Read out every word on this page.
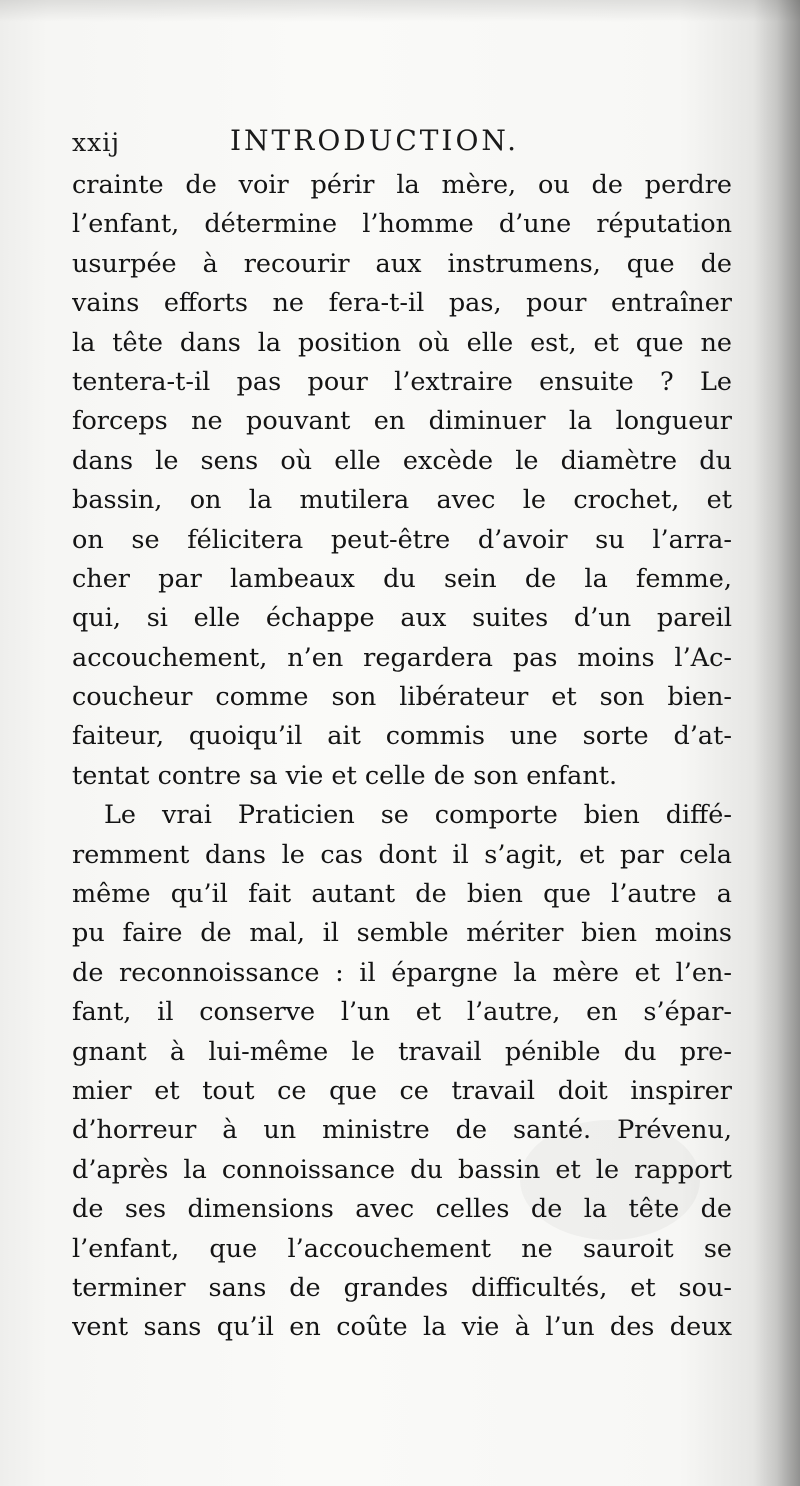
xxij	INTRODUCTION.
crainte de voir périr la mère, ou de perdre
l’enfant, détermine l’homme d’une réputation
usurpée à recourir aux instrumens, que de
vains efforts ne fera-t-il pas, pour entraîner
la tête dans la position où elle est, et que ne
tentera-t-il pas pour l’extraire ensuite ? Le
forceps ne pouvant en diminuer la longueur
dans le sens où elle excède le diamètre du
bassin, on la mutilera avec le crochet, et
on se félicitera peut-être d’avoir su l’arra-
cher par lambeaux du sein de la femme,
qui, si elle échappe aux suites d’un pareil
accouchement, n’en regardera pas moins l’Ac-
coucheur comme son libérateur et son bien-
faiteur, quoiqu’il ait commis une sorte d’at-
tentat contre sa vie et celle de son enfant.
Le vrai Praticien se comporte bien diffé-
remment dans le cas dont il s’agit, et par cela
même qu’il fait autant de bien que l’autre a
pu faire de mal, il semble mériter bien moins
de reconnoissance : il épargne la mère et l’en-
fant, il conserve l’un et l’autre, en s’épar-
gnant à lui-même le travail pénible du pre-
mier et tout ce que ce travail doit inspirer
d’horreur à un ministre de santé. Prévenu,
d’après la connoissance du bassin et le rapport
de ses dimensions avec celles de la tête de
l’enfant, que l’accouchement ne sauroit se
terminer sans de grandes difficultés, et sou-
vent sans qu’il en coûte la vie à l’un des deux
